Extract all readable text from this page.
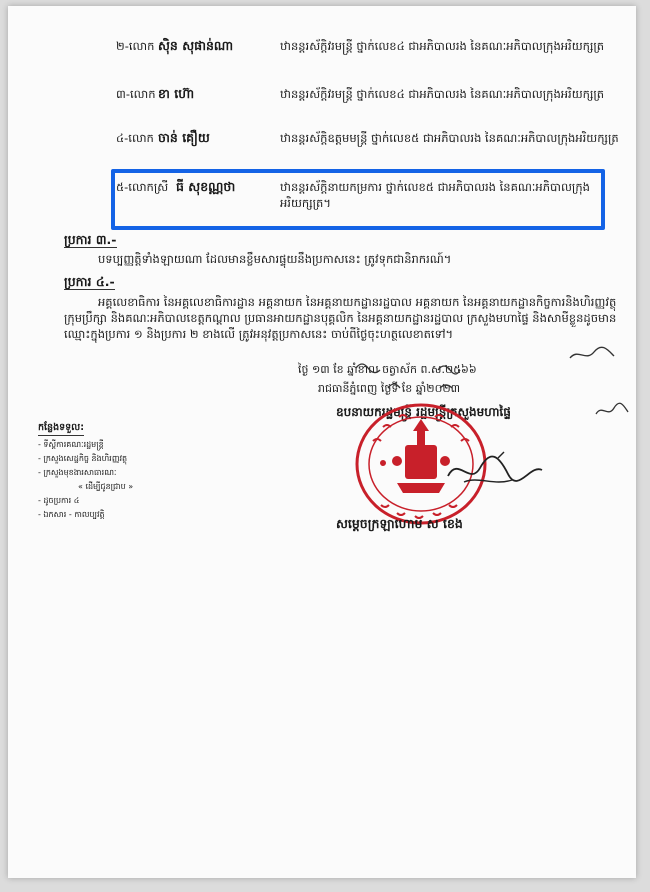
២-លោក ស៊ិន សុផាន់ណា	ឋានន្តរស័ក្តិវរមន្រ្តី ថ្នាក់លេខ៤ ជាអភិបាលរង នៃគណៈអភិបាលក្រុងអរិយក្សត្រ
៣-លោក ខា ហ៊ោ	ឋានន្តរស័ក្តិវរមន្រ្តី ថ្នាក់លេខ៤ ជាអភិបាលរង នៃគណៈអភិបាលក្រុងអរិយក្សត្រ
៤-លោក ចាន់ គឿយ	ឋានន្តរស័ក្តិឧត្តមមន្រ្តី ថ្នាក់លេខ៥ ជាអភិបាលរង នៃគណៈអភិបាលក្រុងអរិយក្សត្រ
៥-លោកស្រី ធី សុខណ្ណថា	ឋានន្តរស័ក្តិនាយកម្រការ ថ្នាក់លេខ៥ ជាអភិបាលរង នៃគណៈអភិបាលក្រុងអរិយក្សត្រ។
ប្រការ ៣.-
បទប្បញ្ញត្តិទាំងឡាយណា ដែលមានខ្លឹមសារផ្ទុយនឹងប្រកាសនេះ ត្រូវទុកជានិរាករណ៍។
ប្រការ ៤.-
អគ្គលេខាធិការ នៃអគ្គលេខាធិការដ្ឋាន អគ្គនាយក នៃអគ្គនាយកដ្ឋានរដ្ឋបាល អគ្គនាយក នៃអគ្គនាយកដ្ឋានកិច្ចការនិងហិរញ្ញវត្ថុ ក្រុមប្រឹក្សា និងគណៈអភិបាលខេត្តកណ្តាល ប្រធានអាយកដ្ឋានបុគ្គលិក នៃអគ្គនាយកដ្ឋានរដ្ឋបាល ក្រសួងមហាផ្ទៃ និងសាមីខ្លួនដូចមានឈ្មោះក្នុងប្រការ ១ និងប្រការ ២ ខាងលើ ត្រូវអនុវត្តប្រកាសនេះ ចាប់ពីថ្ងៃចុះហត្ថលេខាតទៅ។
ថ្ងៃ ១៣ ខែ ឆ្នាំខាល ចត្វាស័ក ព.ស.២៥៦៦
រាជធានីភ្នំពេញ ថ្ងៃទី ខែ ឆ្នាំ២០២៣
ឧបនាយករដ្ឋមន្រ្តី រដ្ឋមន្រ្តីក្រសួងមហាផ្ទៃ
កន្លែងទទួល:
- ទីស្តីការគណៈរដ្ឋមន្រ្តី
- ក្រសួងសេដ្ឋកិច្ច និងហិរញ្ញវត្ថុ
- ក្រសួងមុខងារសាធារណៈ
« ដើម្បីជូនជ្រាប »
- ដូចប្រការ ៤
- ឯកសារ - កាលប្បវត្តិ
សម្តេចក្រឡាហោម ស ខេង
